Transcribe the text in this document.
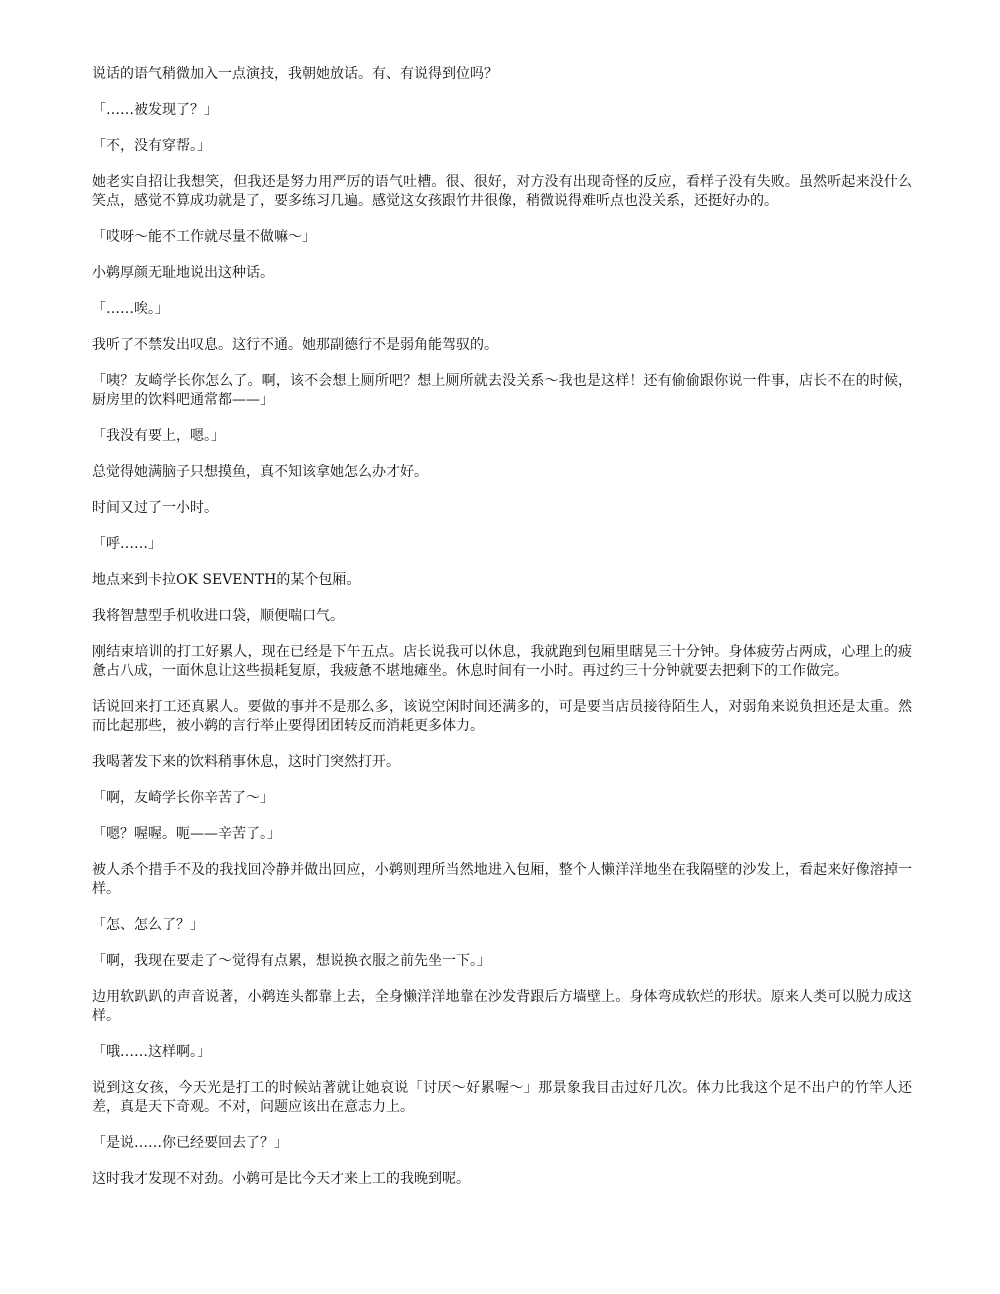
说话的语气稍微加入一点演技，我朝她放话。有、有说得到位吗？

「……被发现了？」

「不，没有穿帮。」

她老实自招让我想笑，但我还是努力用严厉的语气吐槽。很、很好，对方没有出现奇怪的反应，看样子没有失败。虽然听起来没什么笑点，感觉不算成功就是了，要多练习几遍。感觉这女孩跟竹井很像，稍微说得难听点也没关系，还挺好办的。

「哎呀～能不工作就尽量不做嘛～」

小鹈厚颜无耻地说出这种话。

「……唉。」

我听了不禁发出叹息。这行不通。她那副德行不是弱角能驾驭的。

「咦？友崎学长你怎么了。啊，该不会想上厕所吧？想上厕所就去没关系～我也是这样！还有偷偷跟你说一件事，店长不在的时候，厨房里的饮料吧通常都——」

「我没有要上，嗯。」

总觉得她满脑子只想摸鱼，真不知该拿她怎么办才好。

时间又过了一小时。

「呼……」

地点来到卡拉OK SEVENTH的某个包厢。

我将智慧型手机收进口袋，顺便喘口气。

刚结束培训的打工好累人，现在已经是下午五点。店长说我可以休息，我就跑到包厢里瞎晃三十分钟。身体疲劳占两成，心理上的疲惫占八成，一面休息让这些损耗复原，我疲惫不堪地瘫坐。休息时间有一小时。再过约三十分钟就要去把剩下的工作做完。

话说回来打工还真累人。要做的事并不是那么多，该说空闲时间还满多的，可是要当店员接待陌生人，对弱角来说负担还是太重。然而比起那些，被小鹈的言行举止要得团团转反而消耗更多体力。

我喝著发下来的饮料稍事休息，这时门突然打开。

「啊，友崎学长你辛苦了～」

「嗯？喔喔。呃——辛苦了。」

被人杀个措手不及的我找回冷静并做出回应，小鹈则理所当然地进入包厢，整个人懒洋洋地坐在我隔壁的沙发上，看起来好像溶掉一样。

「怎、怎么了？」

「啊，我现在要走了～觉得有点累，想说换衣服之前先坐一下。」

边用软趴趴的声音说著，小鹈连头都靠上去，全身懒洋洋地靠在沙发背跟后方墙壁上。身体弯成软烂的形状。原来人类可以脱力成这样。

「哦……这样啊。」

说到这女孩，今天光是打工的时候站著就让她哀说「讨厌～好累喔～」那景象我目击过好几次。体力比我这个足不出户的竹竿人还差，真是天下奇观。不对，问题应该出在意志力上。

「是说……你已经要回去了？」

这时我才发现不对劲。小鹈可是比今天才来上工的我晚到呢。
